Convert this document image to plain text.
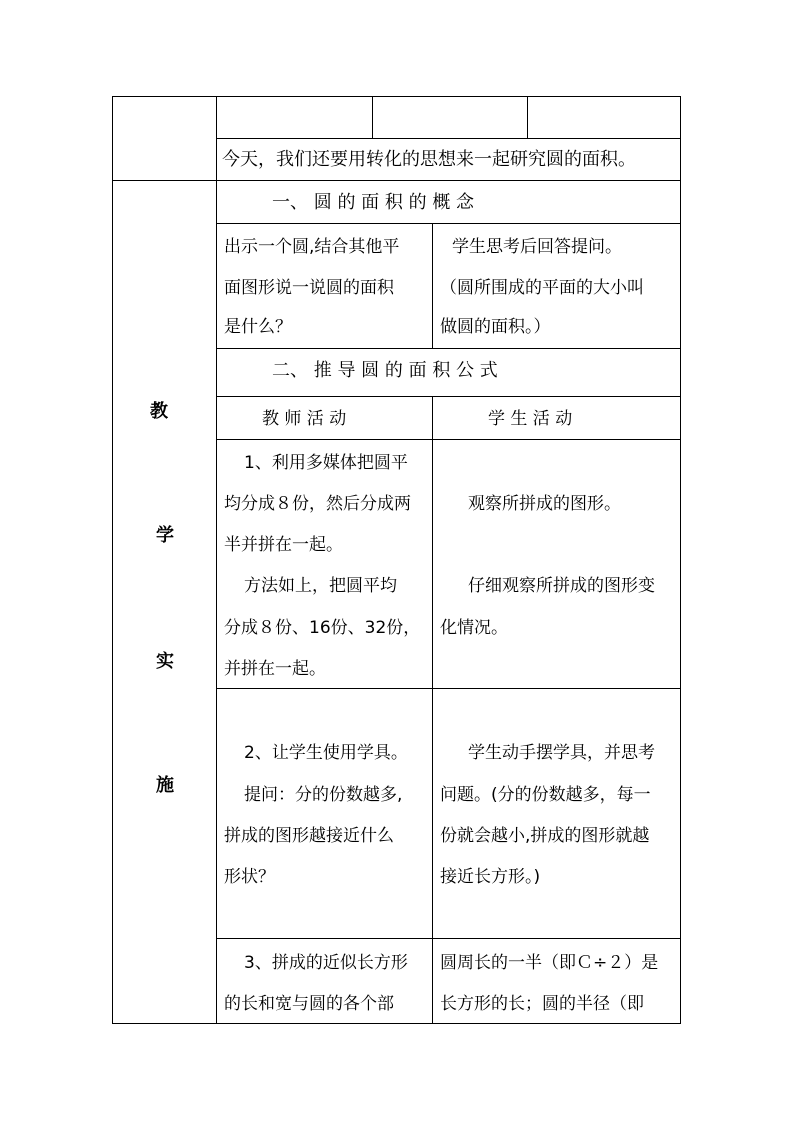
今天，我们还要用转化的思想来一起研究圆的面积。
教
学
实
施
一、 圆 的 面 积 的 概 念
出示一个圆,结合其他平
面图形说一说圆的面积
是什么？
学生思考后回答提问。
（圆所围成的平面的大小叫
做圆的面积。）
二、 推 导 圆 的 面 积 公 式
教 师 活 动	学 生 活 动
1、利用多媒体把圆平
均分成８份，然后分成两
半并拼在一起。
方法如上，把圆平均
分成８份、16份、32份，
并拼在一起。
观察所拼成的图形。
仔细观察所拼成的图形变
化情况。
2、让学生使用学具。
提问：分的份数越多,
拼成的图形越接近什么
形状？
学生动手摆学具，并思考
问题。(分的份数越多，每一
份就会越小,拼成的图形就越
接近长方形。)
3、拼成的近似长方形
的长和宽与圆的各个部
圆周长的一半（即Ｃ÷２）是
长方形的长；圆的半径（即
